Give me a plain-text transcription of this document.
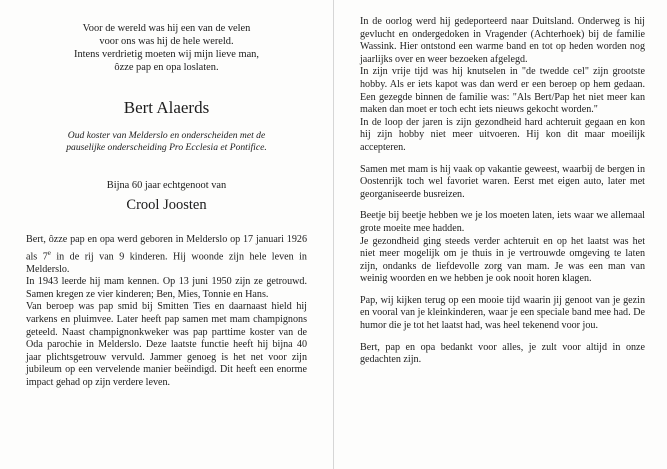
Voor de wereld was hij een van de velen
voor ons was hij de hele wereld.
Intens verdrietig moeten wij mijn lieve man,
ôzze pap en opa loslaten.
Bert Alaerds
Oud koster van Melderslo en onderscheiden met de
pauselijke onderscheiding Pro Ecclesia et Pontifice.
Bijna 60 jaar echtgenoot van
Crool Joosten

Bert, ôzze pap en opa werd geboren in Melderslo op 17 januari 1926 als 7e in de rij van 9 kinderen. Hij woonde zijn hele leven in Melderslo.

In 1943 leerde hij mam kennen. Op 13 juni 1950 zijn ze getrouwd. Samen kregen ze vier kinderen; Ben, Mies, Tonnie en Hans.

Van beroep was pap smid bij Smitten Ties en daarnaast hield hij varkens en pluimvee. Later heeft pap samen met mam champignons geteeld. Naast champignonkweker was pap parttime koster van de Oda parochie in Melderslo. Deze laatste functie heeft hij bijna 40 jaar plichtsgetrouw vervuld. Jammer genoeg is het net voor zijn jubileum op een vervelende manier beëindigd. Dit heeft een enorme impact gehad op zijn verdere leven.

In de oorlog werd hij gedeporteerd naar Duitsland. Onderweg is hij gevlucht en ondergedoken in Vragender (Achterhoek) bij de familie Wassink. Hier ontstond een warme band en tot op heden worden nog jaarlijks over en weer bezoeken afgelegd.

In zijn vrije tijd was hij knutselen in "de twedde cel" zijn grootste hobby. Als er iets kapot was dan werd er een beroep op hem gedaan. Een gezegde binnen de familie was: "Als Bert/Pap het niet meer kan maken dan moet er toch echt iets nieuws gekocht worden."

In de loop der jaren is zijn gezondheid hard achteruit gegaan en kon hij zijn hobby niet meer uitvoeren. Hij kon dit maar moeilijk accepteren.

Samen met mam is hij vaak op vakantie geweest, waarbij de bergen in Oostenrijk toch wel favoriet waren. Eerst met eigen auto, later met georganiseerde busreizen.

Beetje bij beetje hebben we je los moeten laten, iets waar we allemaal grote moeite mee hadden.

Je gezondheid ging steeds verder achteruit en op het laatst was het niet meer mogelijk om je thuis in je vertrouwde omgeving te laten zijn, ondanks de liefdevolle zorg van mam. Je was een man van weinig woorden en we hebben je ook nooit horen klagen.

Pap, wij kijken terug op een mooie tijd waarin jij genoot van je gezin en vooral van je kleinkinderen, waar je een speciale band mee had. De humor die je tot het laatst had, was heel tekenend voor jou.

Bert, pap en opa bedankt voor alles, je zult voor altijd in onze gedachten zijn.
